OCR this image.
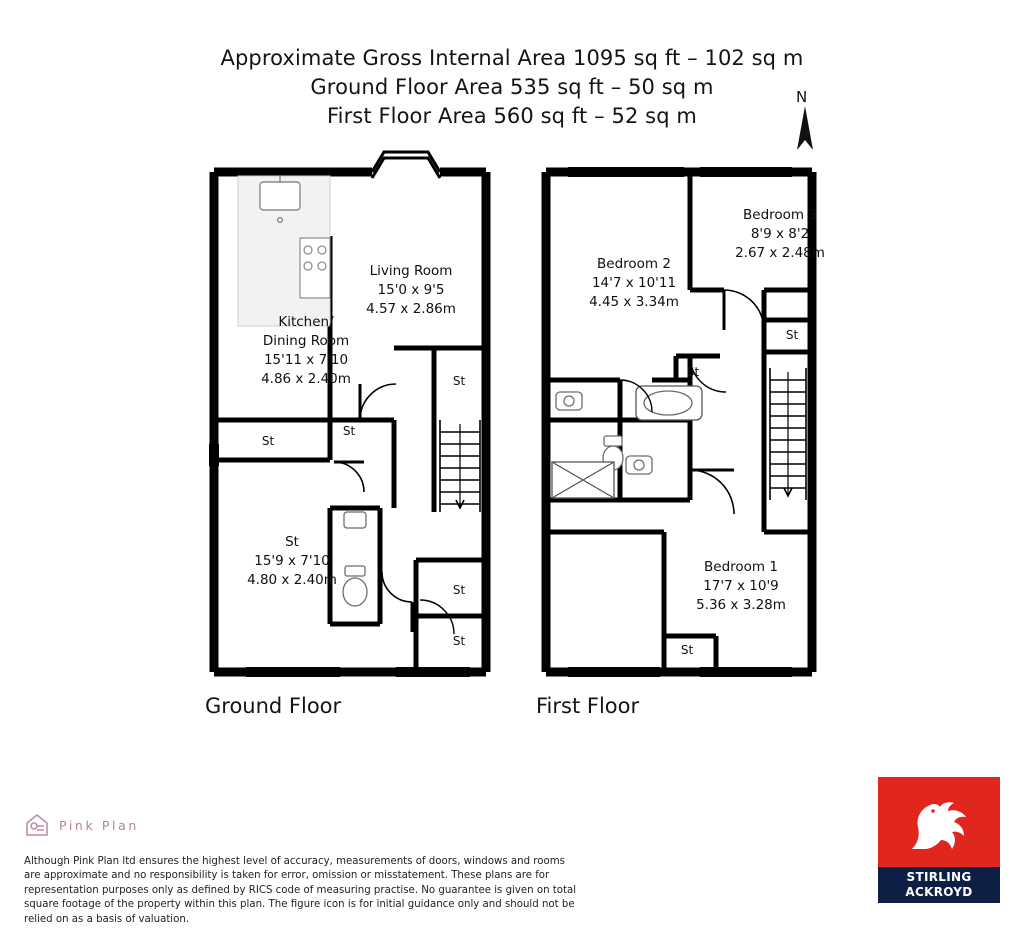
Approximate Gross Internal Area 1095 sq ft – 102 sq m
Ground Floor Area 535 sq ft – 50 sq m
First Floor Area 560 sq ft – 52 sq m
N
Ground Floor	First Floor
Living Room
15'0 x 9'5
4.57 x 2.86m
Kitchen/
Dining Room
15'11 x 7'10
4.86 x 2.40m
St
15'9 x 7'10
4.80 x 2.40m
Bedroom 3
8'9 x 8'2
2.67 x 2.48m
Bedroom 2
14'7 x 10'11
4.45 x 3.34m
Bedroom 1
17'7 x 10'9
5.36 x 3.28m
St
St
St
St
St
St
St
St
Pink Plan
Although Pink Plan ltd ensures the highest level of accuracy, measurements of doors, windows and rooms are approximate and no responsibility is taken for error, omission or misstatement. These plans are for representation purposes only as defined by RICS code of measuring practise. No guarantee is given on total square footage of the property within this plan. The figure icon is for initial guidance only and should not be relied on as a basis of valuation.
STIRLING
ACKROYD
